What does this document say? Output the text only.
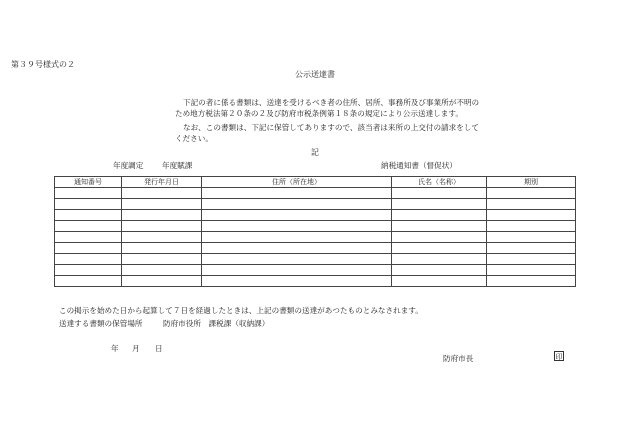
第３９号様式の２
公示送達書
下記の者に係る書類は、送達を受けるべき者の住所、居所、事務所及び事業所が不明の
ため地方税法第２０条の２及び防府市税条例第１８条の規定により公示送達します。
なお、この書類は、下記に保管してありますので、該当者は来所の上交付の請求をして
ください。
記
年度調定 年度賦課	納税通知書（督促状）
通知番号	発行年月日	住所（所在地）	氏名（名称）	期別

この掲示を始めた日から起算して７日を経過したときは、上記の書類の送達があつたものとみなされます。
送達する書類の保管場所	防府市役所　課税課（収納課）
年 月 日
防府市長	印
